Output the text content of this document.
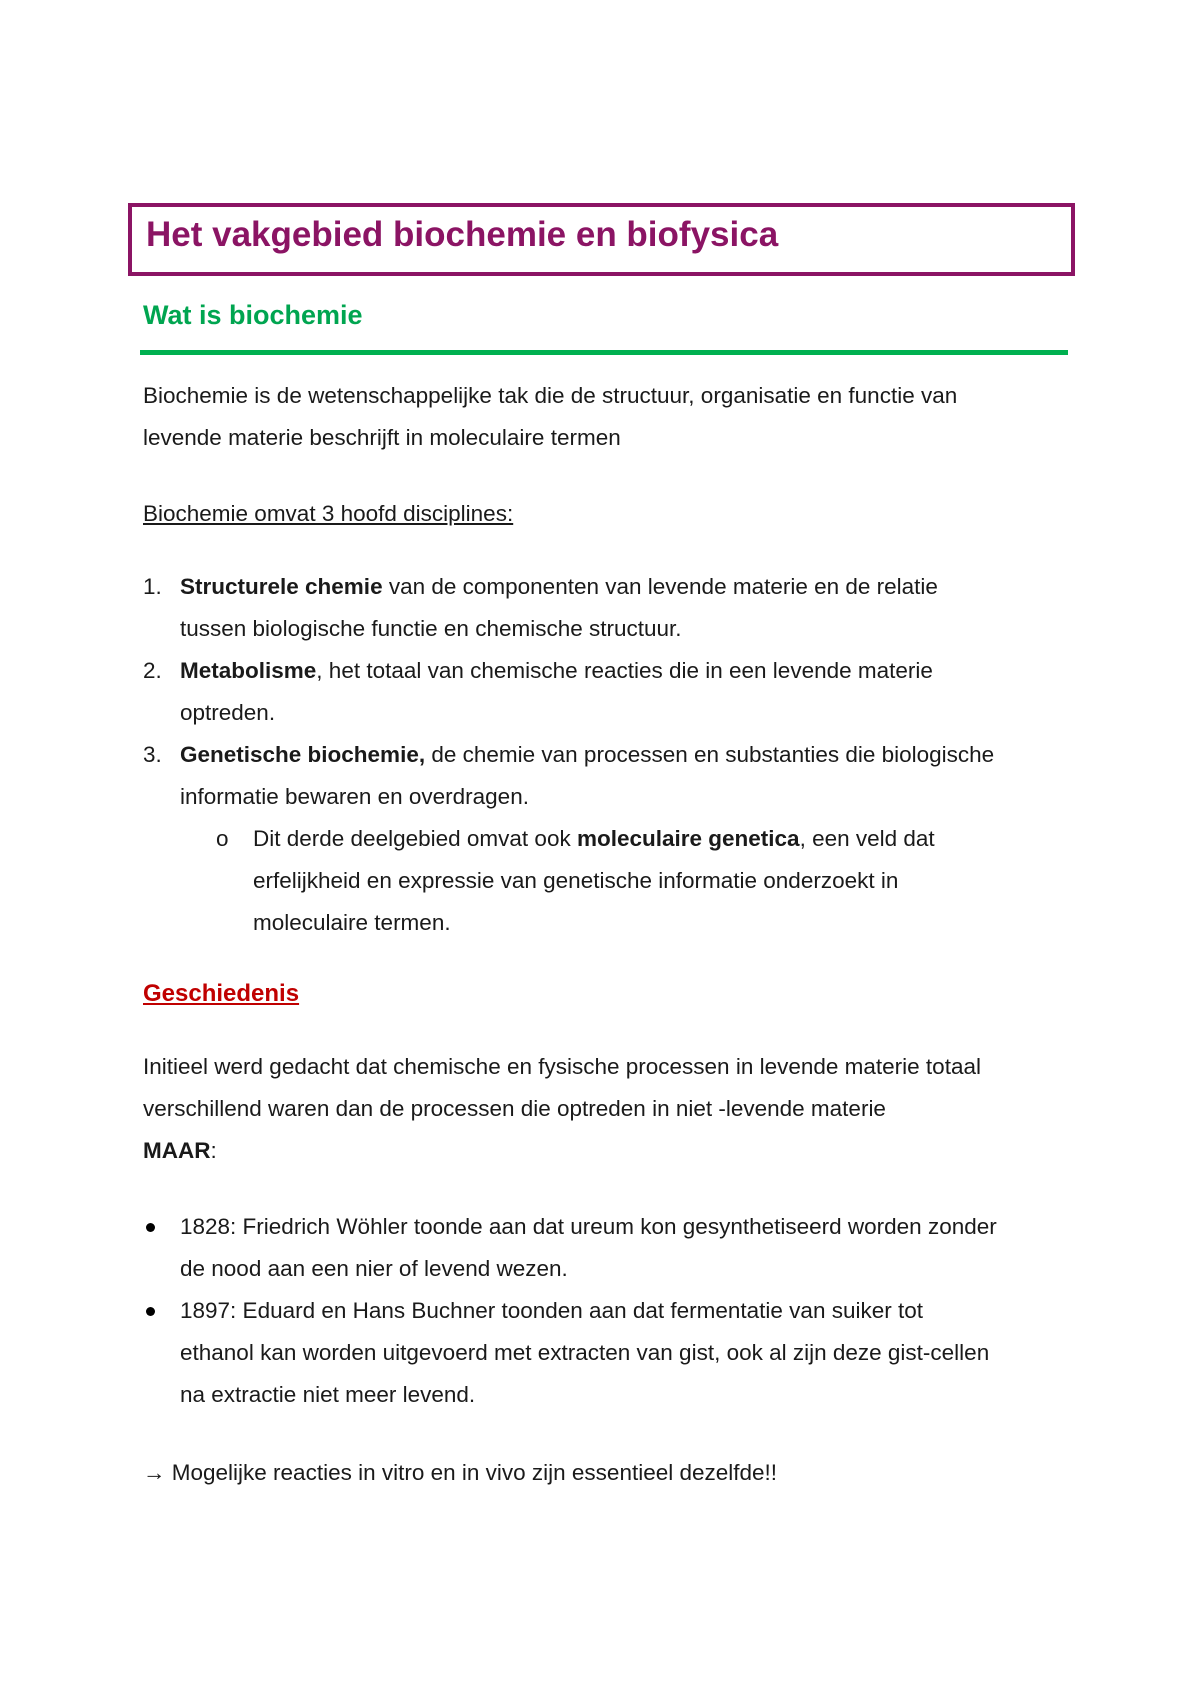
Het vakgebied biochemie en biofysica
Wat is biochemie
Biochemie is de wetenschappelijke tak die de structuur, organisatie en functie van
levende materie beschrijft in moleculaire termen
Biochemie omvat 3 hoofd disciplines:
1. Structurele chemie van de componenten van levende materie en de relatie
tussen biologische functie en chemische structuur.
2. Metabolisme, het totaal van chemische reacties die in een levende materie
optreden.
3. Genetische biochemie, de chemie van processen en substanties die biologische
informatie bewaren en overdragen.
o Dit derde deelgebied omvat ook moleculaire genetica, een veld dat
erfelijkheid en expressie van genetische informatie onderzoekt in
moleculaire termen.
Geschiedenis
Initieel werd gedacht dat chemische en fysische processen in levende materie totaal
verschillend waren dan de processen die optreden in niet -levende materie
MAAR:
1828: Friedrich Wöhler toonde aan dat ureum kon gesynthetiseerd worden zonder
de nood aan een nier of levend wezen.
1897: Eduard en Hans Buchner toonden aan dat fermentatie van suiker tot
ethanol kan worden uitgevoerd met extracten van gist, ook al zijn deze gist-cellen
na extractie niet meer levend.
→ Mogelijke reacties in vitro en in vivo zijn essentieel dezelfde!!
